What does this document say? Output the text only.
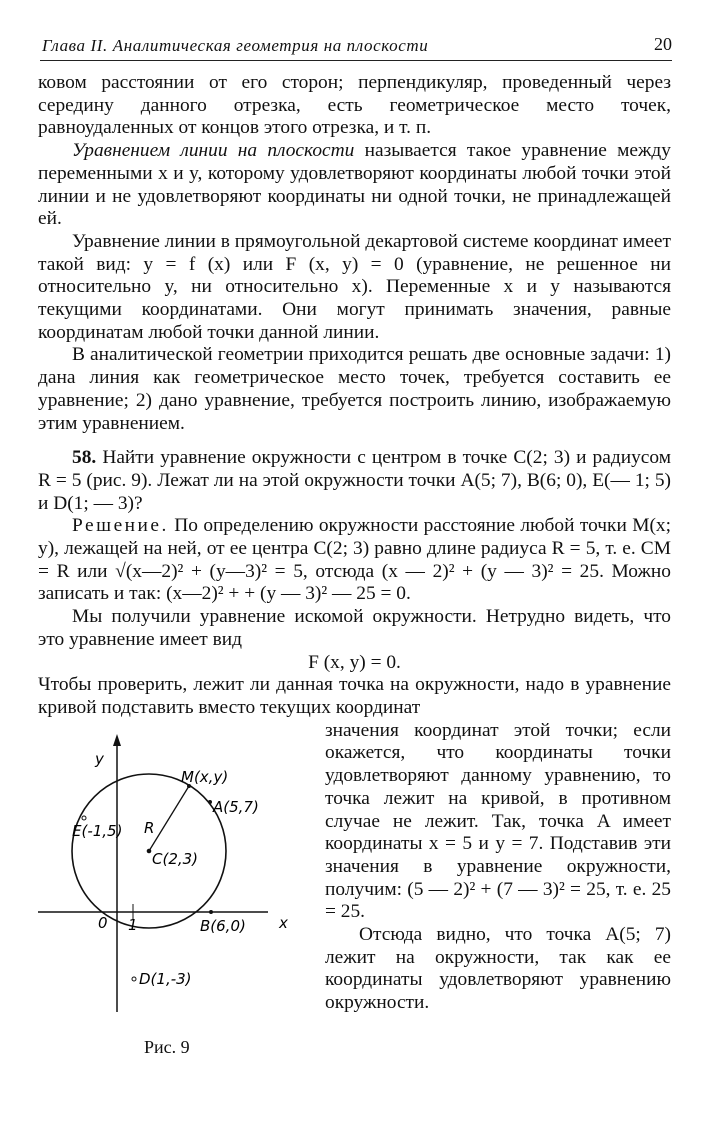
Глава II. Аналитическая геометрия на плоскости	20

ковом расстоянии от его сторон; перпендикуляр, проведенный через середину данного отрезка, есть геометрическое место точек, равноудаленных от концов этого отрезка, и т. п.

Уравнением линии на плоскости называется такое уравнение между переменными x и y, которому удовлетворяют координаты любой точки этой линии и не удовлетворяют координаты ни одной точки, не принадлежащей ей.

Уравнение линии в прямоугольной декартовой системе координат имеет такой вид: y = f (x) или F (x, y) = 0 (уравнение, не решенное ни относительно y, ни относительно x). Переменные x и y называются текущими координатами. Они могут принимать значения, равные координатам любой точки данной линии.

В аналитической геометрии приходится решать две основные задачи: 1) дана линия как геометрическое место точек, требуется составить ее уравнение; 2) дано уравнение, требуется построить линию, изображаемую этим уравнением.

58. Найти уравнение окружности с центром в точке C(2; 3) и радиусом R = 5 (рис. 9). Лежат ли на этой окружности точки A(5; 7), B(6; 0), E(— 1; 5) и D(1; — 3)?

Решение. По определению окружности расстояние любой точки M(x; y), лежащей на ней, от ее центра C(2; 3) равно длине радиуса R = 5, т. е. CM = R или √(x—2)² + (y—3)² = 5, отсюда (x — 2)² + (y — 3)² = 25. Можно записать и так: (x—2)² + + (y — 3)² — 25 = 0.

Мы получили уравнение искомой окружности. Нетрудно видеть, что это уравнение имеет вид

F (x, y) = 0.

Чтобы проверить, лежит ли данная точка на окружности, надо в уравнение кривой подставить вместо текущих координат

y
x
0 1
M(x,y)
A(5,7)
R
C(2,3)
E(-1,5)
B(6,0)
D(1,-3)
Рис. 9

значения координат этой точки; если окажется, что координаты точки удовлетворяют данному уравнению, то точка лежит на кривой, в противном случае не лежит. Так, точка A имеет координаты x = 5 и y = 7. Подставив эти значения в уравнение окружности, получим: (5 — 2)² + (7 — 3)² = 25, т. е. 25 = 25.

Отсюда видно, что точка A(5; 7) лежит на окружности, так как ее координаты удовлетворяют уравнению окружности.
